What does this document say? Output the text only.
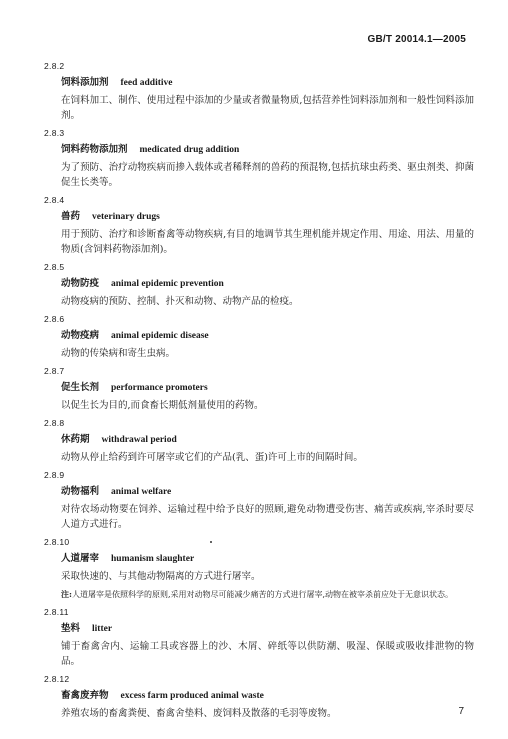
GB/T 20014.1—2005
2.8.2
饲料添加剂 feed additive
在饲料加工、制作、使用过程中添加的少量或者微量物质,包括营养性饲料添加剂和一般性饲料添加剂。
2.8.3
饲料药物添加剂 medicated drug addition
为了预防、治疗动物疾病而掺入载体或者稀释剂的兽药的预混物,包括抗球虫药类、驱虫剂类、抑菌促生长类等。
2.8.4
兽药 veterinary drugs
用于预防、治疗和诊断畜禽等动物疾病,有目的地调节其生理机能并规定作用、用途、用法、用量的物质(含饲料药物添加剂)。
2.8.5
动物防疫 animal epidemic prevention
动物疫病的预防、控制、扑灭和动物、动物产品的检疫。
2.8.6
动物疫病 animal epidemic disease
动物的传染病和寄生虫病。
2.8.7
促生长剂 performance promoters
以促生长为目的,而食畜长期低剂量使用的药物。
2.8.8
休药期 withdrawal period
动物从停止给药到许可屠宰或它们的产品(乳、蛋)许可上市的间隔时间。
2.8.9
动物福利 animal welfare
对待农场动物要在饲养、运输过程中给予良好的照顾,避免动物遭受伤害、痛苦或疾病,宰杀时要尽人道方式进行。
2.8.10
人道屠宰 humanism slaughter
采取快速的、与其他动物隔离的方式进行屠宰。
注:人道屠宰是依照科学的原则,采用对动物尽可能减少痛苦的方式进行屠宰,动物在被宰杀前应处于无意识状态。
2.8.11
垫料 litter
铺于畜禽舍内、运输工具或容器上的沙、木屑、碎纸等以供防潮、吸湿、保暖或吸收排泄物的物品。
2.8.12
畜禽废弃物 excess farm produced animal waste
养殖农场的畜禽粪便、畜禽舍垫料、废饲料及散落的毛羽等废物。	7
